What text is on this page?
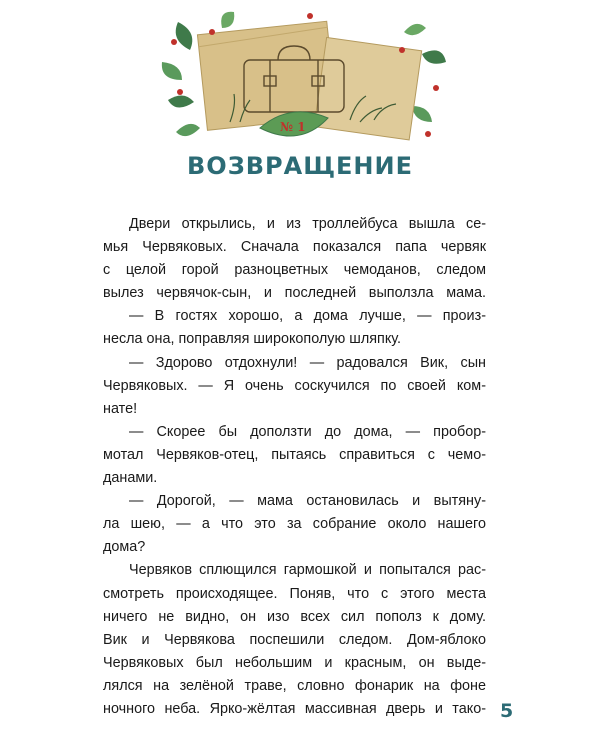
№ 1
ВОЗВРАЩЕНИЕ
Двери открылись, и из троллейбуса вышла се-
мья Червяковых. Сначала показался папа червяк
с целой горой разноцветных чемоданов, следом
вылез червячок-сын, и последней выползла мама.
— В гостях хорошо, а дома лучше, — произ-
несла она, поправляя широкополую шляпку.
— Здорово отдохнули! — радовался Вик, сын
Червяковых. — Я очень соскучился по своей ком-
нате!
— Скорее бы доползти до дома, — пробор-
мотал Червяков-отец, пытаясь справиться с чемо-
данами.
— Дорогой, — мама остановилась и вытяну-
ла шею, — а что это за собрание около нашего
дома?
Червяков сплющился гармошкой и попытался рас-
смотреть происходящее. Поняв, что с этого места
ничего не видно, он изо всех сил пополз к дому.
Вик и Червякова поспешили следом. Дом-яблоко
Червяковых был небольшим и красным, он выде-
лялся на зелёной траве, словно фонарик на фоне
ночного неба. Ярко-жёлтая массивная дверь и тако- 5
